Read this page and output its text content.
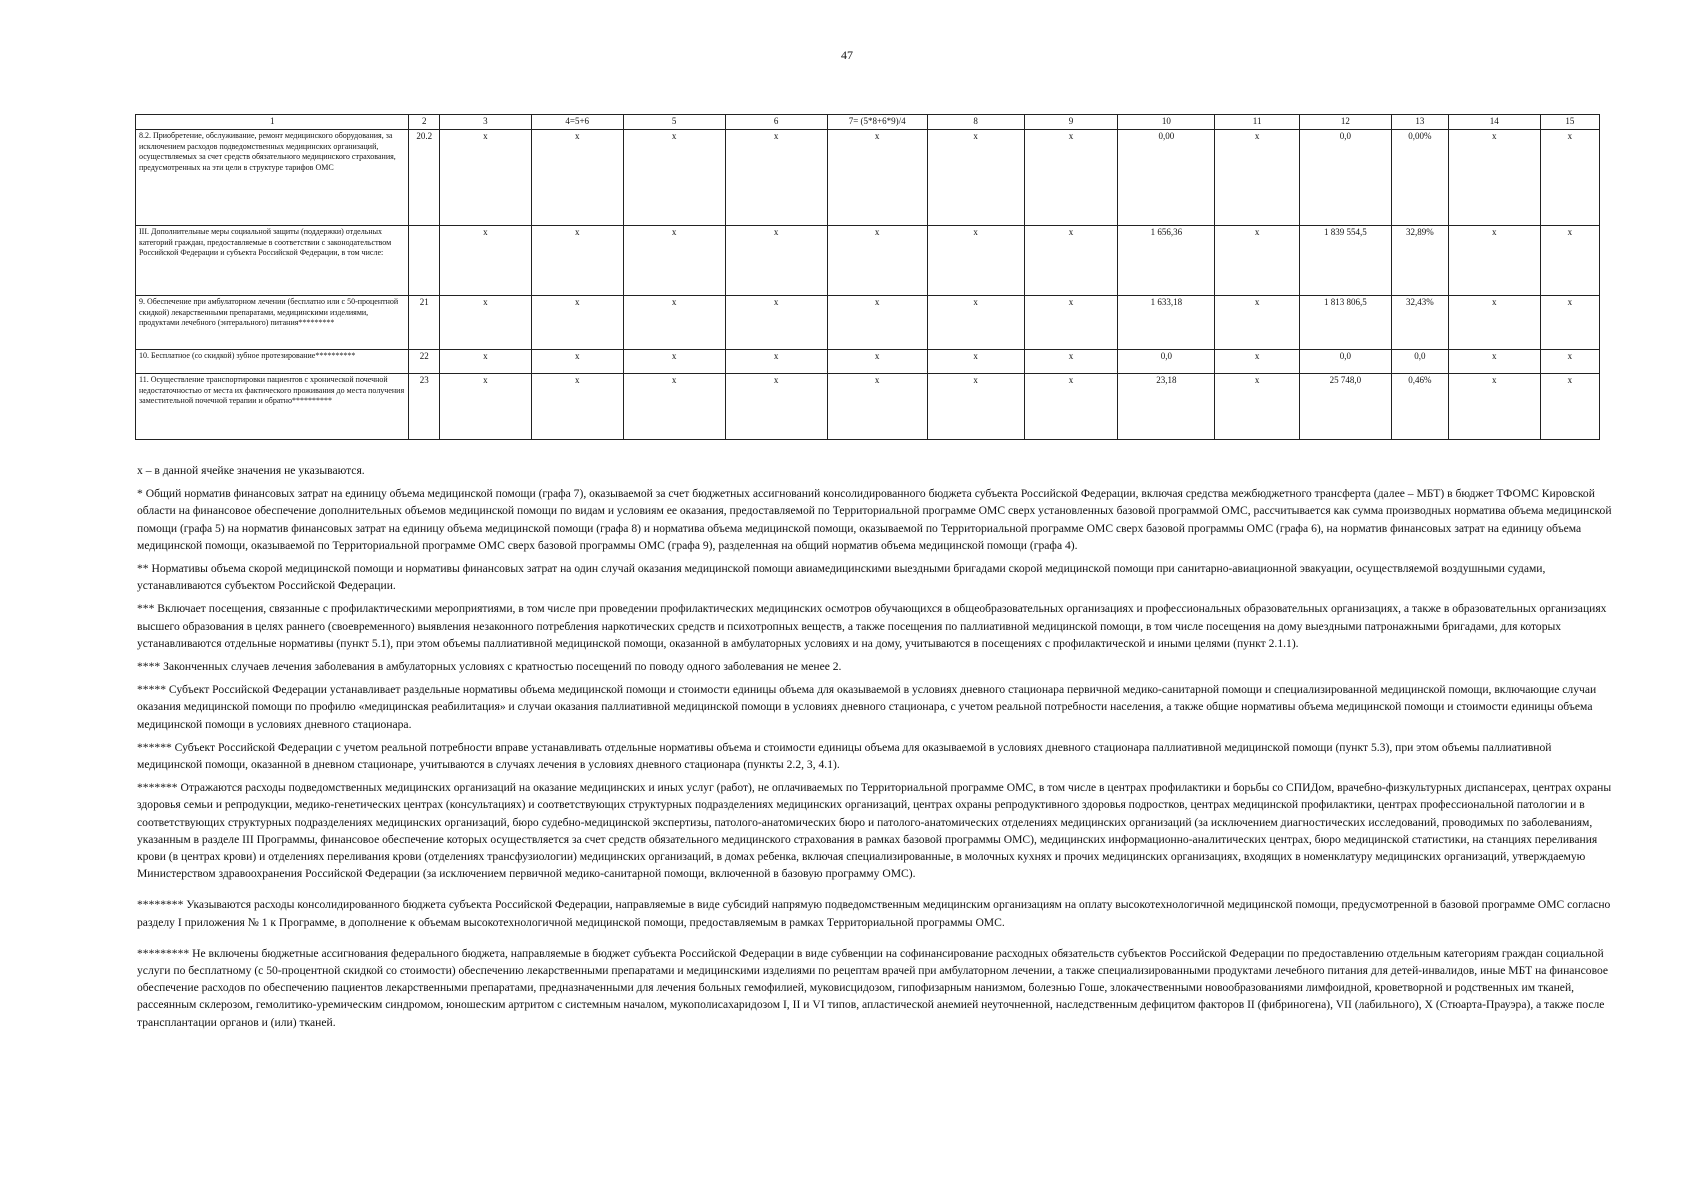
47
1	2	3	4=5+6	5	6	7= (5*8+6*9)/4	8	9	10	11	12	13	14	15
8.2. Приобретение, обслуживание, ремонт медицинского оборудования, за исключением расходов подведомственных медицинских организаций, осуществляемых за счет средств обязательного медицинского страхования, предусмотренных на эти цели в структуре тарифов ОМС	20.2	x	x	x	x	x	x	x	0,00	x	0,0	0,00%	x	x
III. Дополнительные меры социальной защиты (поддержки) отдельных категорий граждан, предоставляемые в соответствии с законодательством Российской Федерации и субъекта Российской Федерации, в том числе:		x	x	x	x	x	x	x	1 656,36	x	1 839 554,5	32,89%	x	x
9. Обеспечение при амбулаторном лечении (бесплатно или с 50-процентной скидкой) лекарственными препаратами, медицинскими изделиями, продуктами лечебного (энтерального) питания*********	21	x	x	x	x	x	x	x	1 633,18	x	1 813 806,5	32,43%	x	x
10. Бесплатное (со скидкой) зубное протезирование**********	22	x	x	x	x	x	x	x	0,0	x	0,0	0,0	x	x
11. Осуществление транспортировки пациентов с хронической почечной недостаточностью от места их фактического проживания до места получения заместительной почечной терапии и обратно**********	23	x	x	x	x	x	x	x	23,18	x	25 748,0	0,46%	x	x

x – в данной ячейке значения не указываются.

* Общий норматив финансовых затрат на единицу объема медицинской помощи (графа 7), оказываемой за счет бюджетных ассигнований консолидированного бюджета субъекта Российской Федерации, включая средства межбюджетного трансферта (далее – МБТ) в бюджет ТФОМС Кировской области на финансовое обеспечение дополнительных объемов медицинской помощи по видам и условиям ее оказания, предоставляемой по Территориальной программе ОМС сверх установленных базовой программой ОМС, рассчитывается как сумма производных норматива объема медицинской помощи (графа 5) на норматив финансовых затрат на единицу объема медицинской помощи (графа 8) и норматива объема медицинской помощи, оказываемой по Территориальной программе ОМС сверх базовой программы ОМС (графа 6), на норматив финансовых затрат на единицу объема медицинской помощи, оказываемой по Территориальной программе ОМС сверх базовой программы ОМС (графа 9), разделенная на общий норматив объема медицинской помощи (графа 4).

** Нормативы объема скорой медицинской помощи и нормативы финансовых затрат на один случай оказания медицинской помощи авиамедицинскими выездными бригадами скорой медицинской помощи при санитарно-авиационной эвакуации, осуществляемой воздушными судами, устанавливаются субъектом Российской Федерации.

*** Включает посещения, связанные с профилактическими мероприятиями, в том числе при проведении профилактических медицинских осмотров обучающихся в общеобразовательных организациях и профессиональных образовательных организациях, а также в образовательных организациях высшего образования в целях раннего (своевременного) выявления незаконного потребления наркотических средств и психотропных веществ, а также посещения по паллиативной медицинской помощи, в том числе посещения на дому выездными патронажными бригадами, для которых устанавливаются отдельные нормативы (пункт 5.1), при этом объемы паллиативной медицинской помощи, оказанной в амбулаторных условиях и на дому, учитываются в посещениях с профилактической и иными целями (пункт 2.1.1).

**** Законченных случаев лечения заболевания в амбулаторных условиях с кратностью посещений по поводу одного заболевания не менее 2.

***** Субъект Российской Федерации устанавливает раздельные нормативы объема медицинской помощи и стоимости единицы объема для оказываемой в условиях дневного стационара первичной медико-санитарной помощи и специализированной медицинской помощи, включающие случаи оказания медицинской помощи по профилю «медицинская реабилитация» и случаи оказания паллиативной медицинской помощи в условиях дневного стационара, с учетом реальной потребности населения, а также общие нормативы объема медицинской помощи и стоимости единицы объема медицинской помощи в условиях дневного стационара.

****** Субъект Российской Федерации с учетом реальной потребности вправе устанавливать отдельные нормативы объема и стоимости единицы объема для оказываемой в условиях дневного стационара паллиативной медицинской помощи (пункт 5.3), при этом объемы паллиативной медицинской помощи, оказанной в дневном стационаре, учитываются в случаях лечения в условиях дневного стационара (пункты 2.2, 3, 4.1).

******* Отражаются расходы подведомственных медицинских организаций на оказание медицинских и иных услуг (работ), не оплачиваемых по Территориальной программе ОМС, в том числе в центрах профилактики и борьбы со СПИДом, врачебно-физкультурных диспансерах, центрах охраны здоровья семьи и репродукции, медико-генетических центрах (консультациях) и соответствующих структурных подразделениях медицинских организаций, центрах охраны репродуктивного здоровья подростков, центрах медицинской профилактики, центрах профессиональной патологии и в соответствующих структурных подразделениях медицинских организаций, бюро судебно-медицинской экспертизы, патолого-анатомических бюро и патолого-анатомических отделениях медицинских организаций (за исключением диагностических исследований, проводимых по заболеваниям, указанным в разделе III Программы, финансовое обеспечение которых осуществляется за счет средств обязательного медицинского страхования в рамках базовой программы ОМС), медицинских информационно-аналитических центрах, бюро медицинской статистики, на станциях переливания крови (в центрах крови) и отделениях переливания крови (отделениях трансфузиологии) медицинских организаций, в домах ребенка, включая специализированные, в молочных кухнях и прочих медицинских организациях, входящих в номенклатуру медицинских организаций, утверждаемую Министерством здравоохранения Российской Федерации (за исключением первичной медико-санитарной помощи, включенной в базовую программу ОМС).

******** Указываются расходы консолидированного бюджета субъекта Российской Федерации, направляемые в виде субсидий напрямую подведомственным медицинским организациям на оплату высокотехнологичной медицинской помощи, предусмотренной в базовой программе ОМС согласно разделу I приложения № 1 к Программе, в дополнение к объемам высокотехнологичной медицинской помощи, предоставляемым в рамках Территориальной программы ОМС.

********* Не включены бюджетные ассигнования федерального бюджета, направляемые в бюджет субъекта Российской Федерации в виде субвенции на софинансирование расходных обязательств субъектов Российской Федерации по предоставлению отдельным категориям граждан социальной услуги по бесплатному (с 50-процентной скидкой со стоимости) обеспечению лекарственными препаратами и медицинскими изделиями по рецептам врачей при амбулаторном лечении, а также специализированными продуктами лечебного питания для детей-инвалидов, иные МБТ на финансовое обеспечение расходов по обеспечению пациентов лекарственными препаратами, предназначенными для лечения больных гемофилией, муковисцидозом, гипофизарным нанизмом, болезнью Гоше, злокачественными новообразованиями лимфоидной, кроветворной и родственных им тканей, рассеянным склерозом, гемолитико-уремическим синдромом, юношеским артритом с системным началом, мукополисахаридозом I, II и VI типов, апластической анемией неуточненной, наследственным дефицитом факторов II (фибриногена), VII (лабильного), X (Стюарта-Прауэра), а также после трансплантации органов и (или) тканей.
